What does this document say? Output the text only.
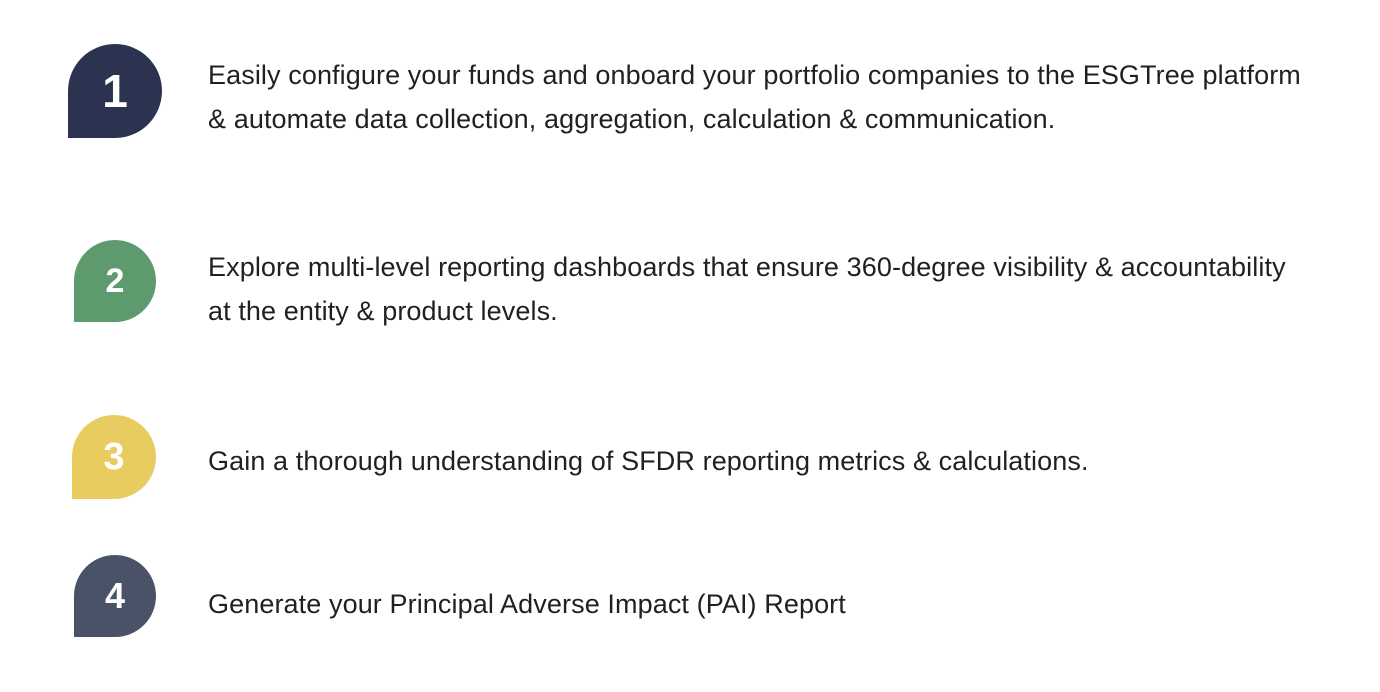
1	Easily configure your funds and onboard your portfolio companies to the ESGTree platform & automate data collection, aggregation, calculation & communication.
2	Explore multi-level reporting dashboards that ensure 360-degree visibility & accountability at the entity & product levels.
3	Gain a thorough understanding of SFDR reporting metrics & calculations.
4	Generate your Principal Adverse Impact (PAI) Report
